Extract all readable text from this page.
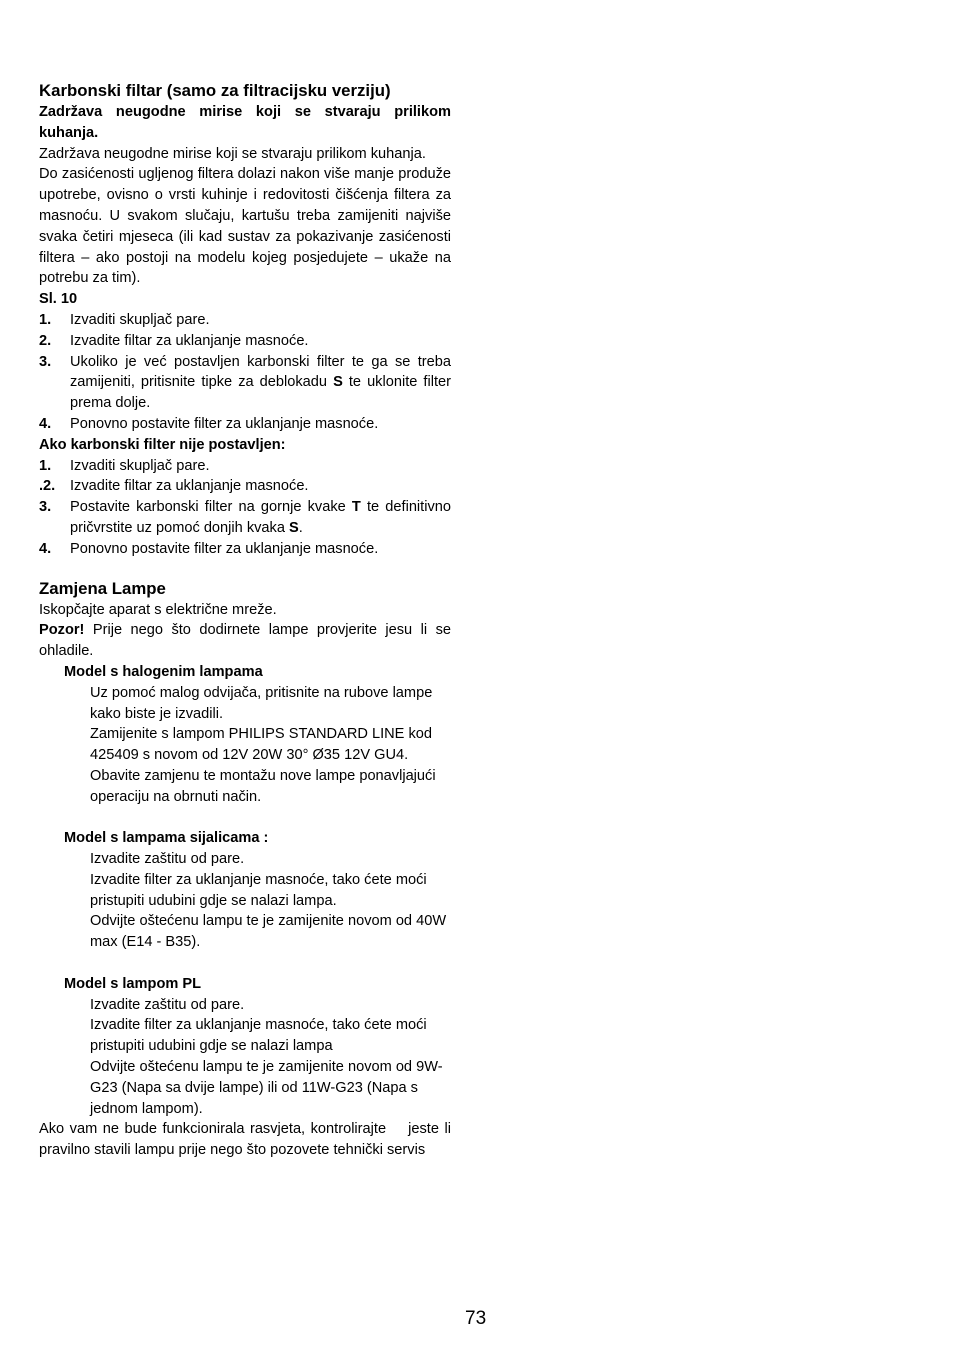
Karbonski filtar (samo za filtracijsku verziju)

Zadržava neugodne mirise koji se stvaraju prilikom kuhanja.

Zadržava neugodne mirise koji se stvaraju prilikom kuhanja.

Do zasićenosti ugljenog filtera dolazi nakon više manje produže upotrebe, ovisno o vrsti kuhinje i redovitosti čišćenja filtera za masnoću. U svakom slučaju, kartušu treba zamijeniti najviše svaka četiri mjeseca (ili kad sustav za pokazivanje zasićenosti filtera – ako postoji na modelu kojeg posjedujete – ukaže na potrebu za tim).

Sl. 10

1.	Izvaditi skupljač pare.
2.	Izvadite filtar za uklanjanje masnoće.
3.	Ukoliko je već postavljen karbonski filter te ga se treba zamijeniti, pritisnite tipke za deblokadu S te uklonite filter prema dolje.
4.	Ponovno postavite filter za uklanjanje masnoće.

Ako karbonski filter nije postavljen:

1.	Izvaditi skupljač pare.
.2.	Izvadite filtar za uklanjanje masnoće.
3.	Postavite karbonski filter na gornje kvake T te definitivno pričvrstite uz pomoć donjih kvaka S.
4.	Ponovno postavite filter za uklanjanje masnoće.
Zamjena Lampe

Iskopčajte aparat s električne mreže.

Pozor! Prije nego što dodirnete lampe provjerite jesu li se ohladile.

Model s halogenim lampama

Uz pomoć malog odvijača, pritisnite na rubove lampe kako biste je izvadili.

Zamijenite s lampom PHILIPS STANDARD LINE kod 425409 s novom od 12V 20W 30° Ø35 12V GU4.

Obavite zamjenu te montažu nove lampe ponavljajući operaciju na obrnuti način.

Model s lampama sijalicama :

Izvadite zaštitu od pare.

Izvadite filter za uklanjanje masnoće, tako ćete moći pristupiti udubini gdje se nalazi lampa.

Odvijte oštećenu lampu te je zamijenite novom od 40W max (E14 - B35).

Model s lampom PL

Izvadite zaštitu od pare.

Izvadite filter za uklanjanje masnoće, tako ćete moći pristupiti udubini gdje se nalazi lampa

Odvijte oštećenu lampu te je zamijenite novom od 9W-G23 (Napa sa dvije lampe) ili od 11W-G23 (Napa s jednom lampom).

Ako vam ne bude funkcionirala rasvjeta, kontrolirajte    jeste li pravilno stavili lampu prije nego što pozovete tehnički servis

73
